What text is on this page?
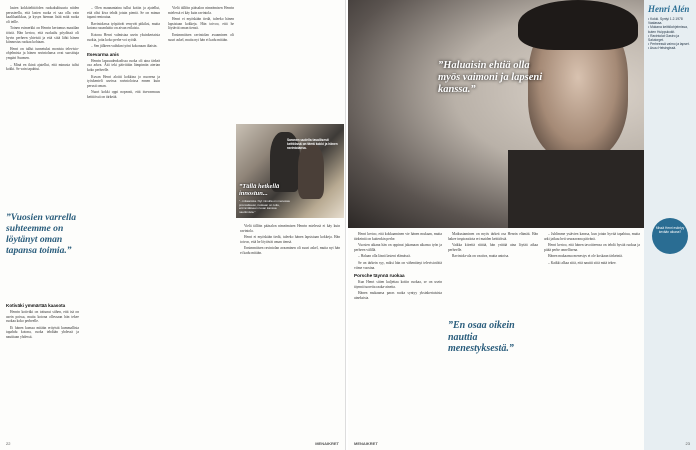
lasten kokkitelttiöiden ruokakulttuuria niiden perusteella, että lasten ruoka ei saa olla vain kaalilaatikkoa, ja kysyn hieman lisää mitä ruoka oli teille.

Toinen esimerkki on Henrin kertomus maatilan töistä. Hän kertoo, että ruokailu pöydässä oli hyvin perheen yhteistä ja että siitä lähti hänen kiinnostus ruokaa kohtaan.

Henri on tullut tunnetuksi monista televisio-ohjelmista ja hänen ravintolansa ovat suosittuja ympäri Suomen.

– Minä en ikinä ajatellut, että minusta tulisi kokki. Se vain tapahtui.

”Vuosien varrella suhteemme on löytänyt oman tapansa toimia.”
Kotiväki ymmärtää kaasota

Henrin kotiväki on tottunut siihen, että isä on usein poissa, mutta kotona ollessaan hän tekee ruokaa koko perheelle.

Ei hänen kanssa mitään erityistä kummallista tapahdu kotona, ruoka tehdään yhdessä ja nautitaan yhdessä.

– Olen maanantaina tullut kotiin ja ajatellut, että olisi kiva tehdä jotain pientä. Se on minun tapani rentoutua.

Ravintolassa työpäivät venyvät pitkiksi, mutta kotona ruoanlaitto on aivan erilaista.

Kotona Henri valmistaa usein yksinkertaisia ruokia, joita koko perhe voi syödä.

– Sen jälkeen vaihdan työni kokonaan iltaisin.

Itsevarma anis

Henrin lapsuudenkodissa ruoka oli aina tärkeä osa arkea. Äiti teki päivittäin lämpimän aterian koko perheelle.

Kuvan Henri aloitti kokkina jo nuorena ja työskenteli useissa ravintoloissa ennen kuin perusti oman.

Nuori kokki oppi nopeasti, että itsevarmuus keittiössä on tärkeää.

Vielä tällöin pääsalon nimeämisen Henrin mielessä ei käy kuin ravintola.

Henri ei myöskään tiedä, tuleeko hänen lapsistaan kokkeja. Hän toivoo, että he löytävät oman tiensä.

Ensimmäisen ravintolan avaaminen oli suuri askel, mutta nyt hän ei kadu mitään.

”Tällä hetkellä innostun...
”...intiaanista. Nyt minulla on menossa pronssikausi, ruokaan on tuttu, enimmäkseen ruuan kanssa nauttimista.”
Saranen uudella tavallisesti keittiössä on tämä kokki ja hänen ravintolansa.

Vielä tällöin pääsalon nimeämisen Henrin mielessä ei käy kuin ravintola.

Henri ei myöskään tiedä, tuleeko hänen lapsistaan kokkeja. Hän toivoo, että he löytävät oman tiensä.

Ensimmäisen ravintolan avaaminen oli suuri askel, mutta nyt hän ei kadu mitään.

22	MENAIKRET
”Haluaisin ehtiä olla myös vaimoni ja lapseni kanssa.”
Henri Alén
• Kokki. Syntyi 1.2.1978 Vaalassa.
• Mukana keittiöohjelmissa, kuten Huippukokit.
• Ravintolat Gastro ja Salutorget.
• Perheessä vaimo ja lapset.
• Asuu Helsingissä.
Missä Henri esiintyy kevään aikana?

Henri kertoo, että kokkaaminen vie hänen mukaan, mutta tärkeintä on kuitenkin perhe.

Vuosien aikana hän on oppinut jakamaan aikansa työn ja perheen välillä.

– Haluan olla läsnä lasteni elämässä.

Se on tärkein syy, miksi hän on vähentänyt televisiotöitä viime vuosina.

Porsche täynnä ruokaa

Kun Henri sitten kuljettaa kotiin ruokaa, se on usein täynnä tuoreita raaka-aineita.

Hänen mukaansa paras ruoka syntyy yksinkertaisista aineksista.

Matkustaminen on myös tärkeä osa Henrin elämää. Hän hakee inspiraatiota eri maiden keittiöistä.

Vaikka kiireitä riittää, hän yrittää aina löytää aikaa perheelle.

Ravintola-ala on vaativa, mutta antoisa.

”En osaa oikein nauttia menestyksestä.”

– Juhlimme ystävien kanssa, kun jotain hyvää tapahtuu, mutta arki jatkuu heti seuraavana päivänä.

Henri kertoo, että hänen tavoitteensa on tehdä hyvää ruokaa ja pitää perhe onnellisena.

Hänen mukaansa menestys ei ole koskaan tärkeintä.

– Kaikki alkaa siitä, että nauttii siitä mitä tekee.

MENAIKRET	23
